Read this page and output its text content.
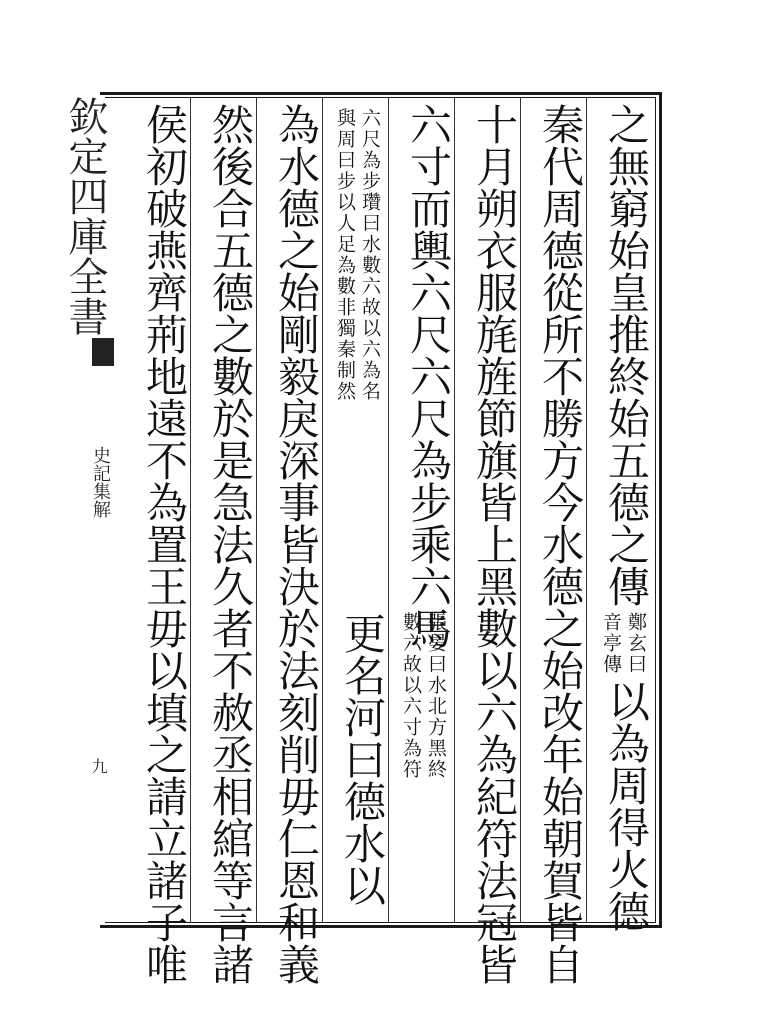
之無窮始皇推終始五德之傳
鄭玄曰
音亭傳
以為周得火德
秦代周德從所不勝方今水德之始改年始朝賀皆自
十月朔衣服旄旌節旗皆上黑數以六為紀符法冠皆
六寸而輿六尺六尺為步乘六馬
張晏曰水北方黑終
數六故以六寸為符
六尺為步瓚曰水數六故以六為名
與周曰步以人足為數非獨秦制然
更名河曰德水以
為水德之始剛毅戾深事皆決於法刻削毋仁恩和義
然後合五德之數於是急法久者不赦丞相綰等言諸
侯初破燕齊荊地遠不為置王毋以填之請立諸子唯
欽定四庫全書
史記集解
九
